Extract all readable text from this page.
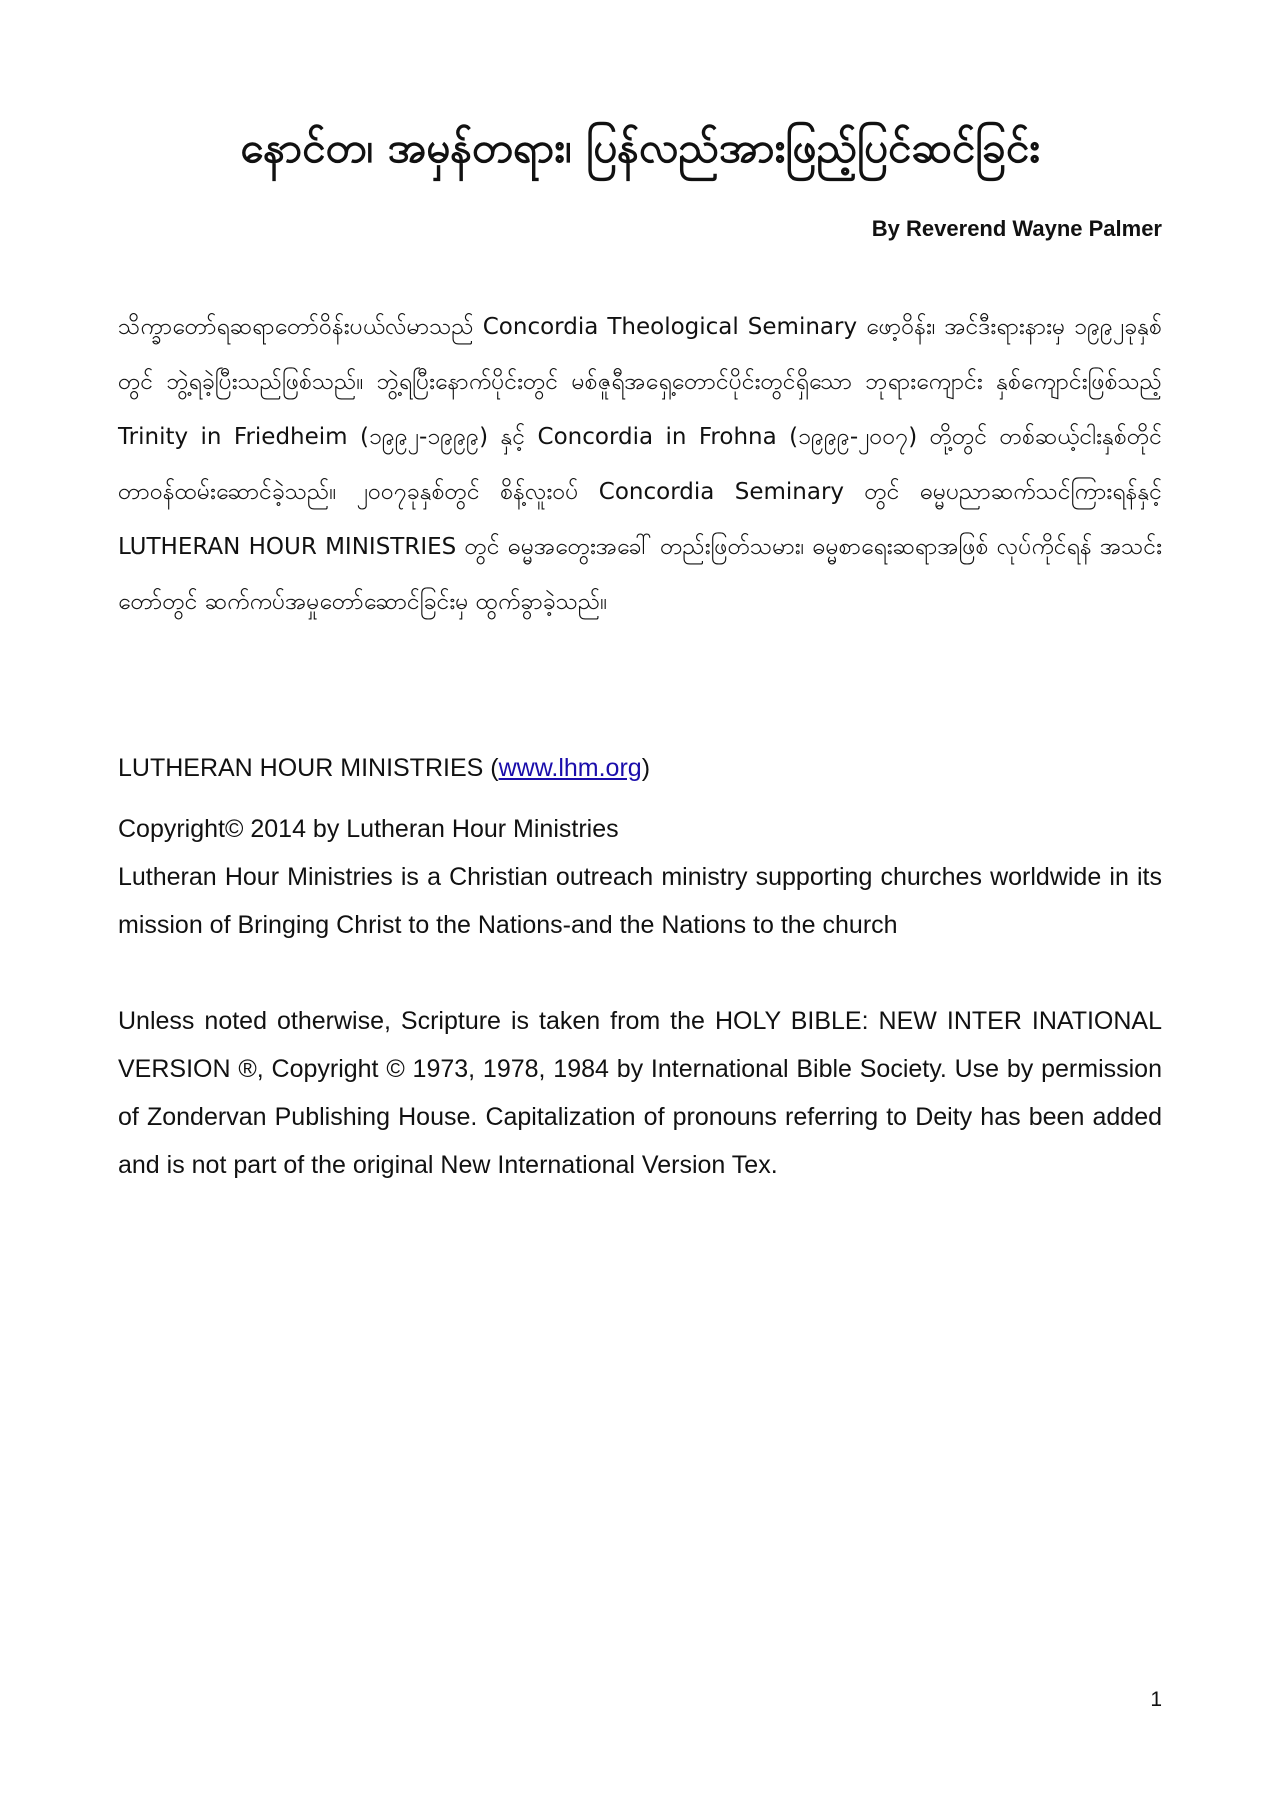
နောင်တ၊ အမှန်တရား၊ ပြန်လည်အားဖြည့်ပြင်ဆင်ခြင်း

By Reverend Wayne Palmer

သိက္ခာတော်ရဆရာတော်ဝိန်းပယ်လ်မာသည် Concordia Theological Seminary ဖော့ဝိန်း၊ အင်ဒီးရားနားမှ ၁၉၉၂ခုနှစ်တွင် ဘွဲ့ရခဲ့ပြီးသည်ဖြစ်သည်။ ဘွဲ့ရပြီးနောက်ပိုင်းတွင် မစ်ဇူရီအရှေ့တောင်ပိုင်းတွင်ရှိသော ဘုရားကျောင်း နှစ်ကျောင်းဖြစ်သည့် Trinity in Friedheim (၁၉၉၂-၁၉၉၉) နှင့် Concordia in Frohna (၁၉၉၉-၂၀၀၇) တို့တွင် တစ်ဆယ့်ငါးနှစ်တိုင် တာဝန်ထမ်းဆောင်ခဲ့သည်။ ၂၀၀၇ခုနှစ်တွင် စိန့်လူးဝပ် Concordia Seminary တွင် ဓမ္မပညာဆက်သင်ကြားရန်နှင့် LUTHERAN HOUR MINISTRIES တွင် ဓမ္မအတွေးအခေါ် တည်းဖြတ်သမား၊ ဓမ္မစာရေးဆရာအဖြစ် လုပ်ကိုင်ရန် အသင်းတော်တွင် ဆက်ကပ်အမှုတော်ဆောင်ခြင်းမှ ထွက်ခွာခဲ့သည်။

LUTHERAN HOUR MINISTRIES (www.lhm.org)

Copyright© 2014 by Lutheran Hour Ministries

Lutheran Hour Ministries is a Christian outreach ministry supporting churches worldwide in its mission of Bringing Christ to the Nations-and the Nations to the church

Unless noted otherwise, Scripture is taken from the HOLY BIBLE: NEW INTER INATIONAL VERSION ®, Copyright © 1973, 1978, 1984 by International Bible Society. Use by permission of Zondervan Publishing House. Capitalization of pronouns referring to Deity has been added and is not part of the original New International Version Tex.

1
